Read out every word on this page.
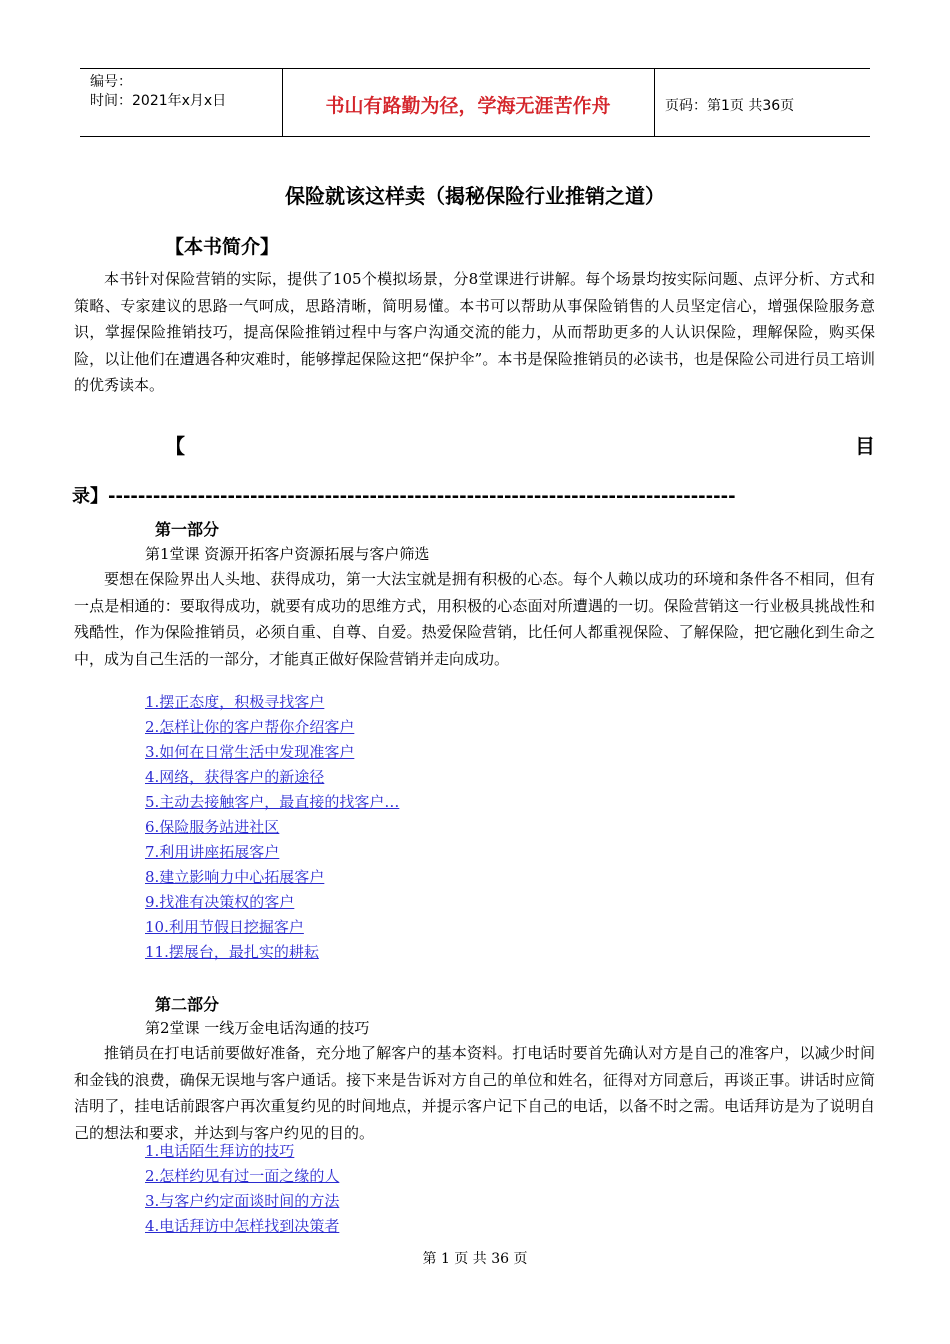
编号：
时间：2021年x月x日	书山有路勤为径，学海无涯苦作舟	页码：第1页 共36页
保险就该这样卖（揭秘保险行业推销之道）
【本书简介】

本书针对保险营销的实际，提供了105个模拟场景，分8堂课进行讲解。每个场景均按实际问题、点评分析、方式和策略、专家建议的思路一气呵成，思路清晰，简明易懂。本书可以帮助从事保险销售的人员坚定信心，增强保险服务意识，掌握保险推销技巧，提高保险推销过程中与客户沟通交流的能力，从而帮助更多的人认识保险，理解保险，购买保险，以让他们在遭遇各种灾难时，能够撑起保险这把“保护伞”。本书是保险推销员的必读书，也是保险公司进行员工培训的优秀读本。

【	目
录】------------------------------------------------------------------------------------
第一部分
第1堂课 资源开拓客户资源拓展与客户筛选

要想在保险界出人头地、获得成功，第一大法宝就是拥有积极的心态。每个人赖以成功的环境和条件各不相同，但有一点是相通的：要取得成功，就要有成功的思维方式，用积极的心态面对所遭遇的一切。保险营销这一行业极具挑战性和残酷性，作为保险推销员，必须自重、自尊、自爱。热爱保险营销，比任何人都重视保险、了解保险，把它融化到生命之中，成为自己生活的一部分，才能真正做好保险营销并走向成功。

1.摆正态度，积极寻找客户
2.怎样让你的客户帮你介绍客户
3.如何在日常生活中发现准客户
4.网络，获得客户的新途径
5.主动去接触客户，最直接的找客户…
6.保险服务站进社区
7.利用讲座拓展客户
8.建立影响力中心拓展客户
9.找准有决策权的客户
10.利用节假日挖掘客户
11.摆展台，最扎实的耕耘
第二部分
第2堂课 一线万金电话沟通的技巧

推销员在打电话前要做好准备，充分地了解客户的基本资料。打电话时要首先确认对方是自己的准客户，以减少时间和金钱的浪费，确保无误地与客户通话。接下来是告诉对方自己的单位和姓名，征得对方同意后，再谈正事。讲话时应简洁明了，挂电话前跟客户再次重复约见的时间地点，并提示客户记下自己的电话，以备不时之需。电话拜访是为了说明自己的想法和要求，并达到与客户约见的目的。

1.电话陌生拜访的技巧
2.怎样约见有过一面之缘的人
3.与客户约定面谈时间的方法
4.电话拜访中怎样找到决策者
第 1 页 共 36 页
